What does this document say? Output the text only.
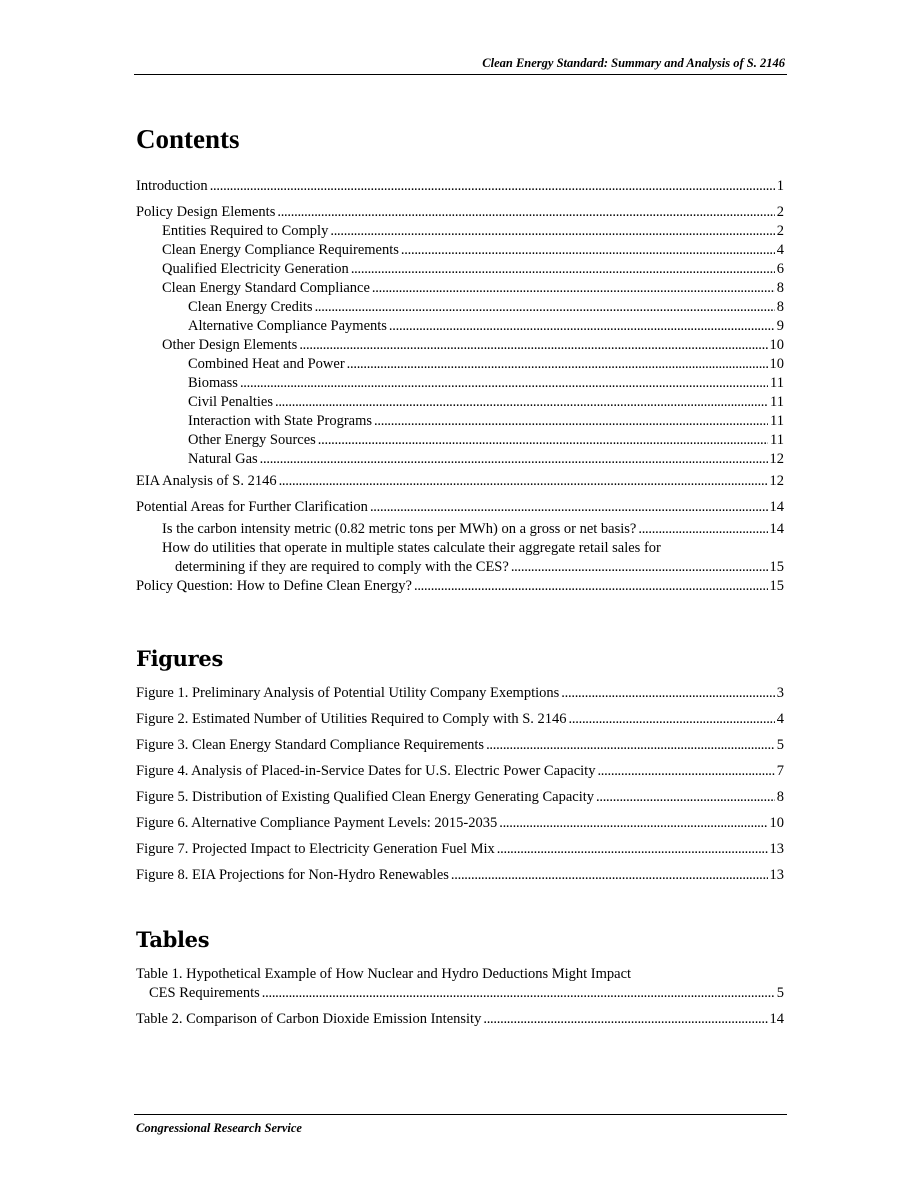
Clean Energy Standard: Summary and Analysis of S. 2146
Contents
Introduction . . .	1
Policy Design Elements . . .	2
Entities Required to Comply . . .	2
Clean Energy Compliance Requirements . . .	4
Qualified Electricity Generation . . .	6
Clean Energy Standard Compliance . . .	8
Clean Energy Credits . . .	8
Alternative Compliance Payments . . .	9
Other Design Elements . . .	10
Combined Heat and Power . . .	10
Biomass . . .	11
Civil Penalties . . .	11
Interaction with State Programs . . .	11
Other Energy Sources . . .	11
Natural Gas . . .	12
EIA Analysis of S. 2146 . . .	12
Potential Areas for Further Clarification . . .	14
Is the carbon intensity metric (0.82 metric tons per MWh) on a gross or net basis? . . .	14
How do utilities that operate in multiple states calculate their aggregate retail sales for
determining if they are required to comply with the CES? . . .	15
Policy Question: How to Define Clean Energy? . . .	15
Figures
Figure 1. Preliminary Analysis of Potential Utility Company Exemptions . . .	3
Figure 2. Estimated Number of Utilities Required to Comply with S. 2146 . . .	4
Figure 3. Clean Energy Standard Compliance Requirements . . .	5
Figure 4. Analysis of Placed-in-Service Dates for U.S. Electric Power Capacity . . .	7
Figure 5. Distribution of Existing Qualified Clean Energy Generating Capacity . . .	8
Figure 6. Alternative Compliance Payment Levels: 2015-2035 . . .	10
Figure 7. Projected Impact to Electricity Generation Fuel Mix . . .	13
Figure 8. EIA Projections for Non-Hydro Renewables . . .	13
Tables
Table 1. Hypothetical Example of How Nuclear and Hydro Deductions Might Impact
CES Requirements . . .	5
Table 2. Comparison of Carbon Dioxide Emission Intensity . . .	14
Congressional Research Service
